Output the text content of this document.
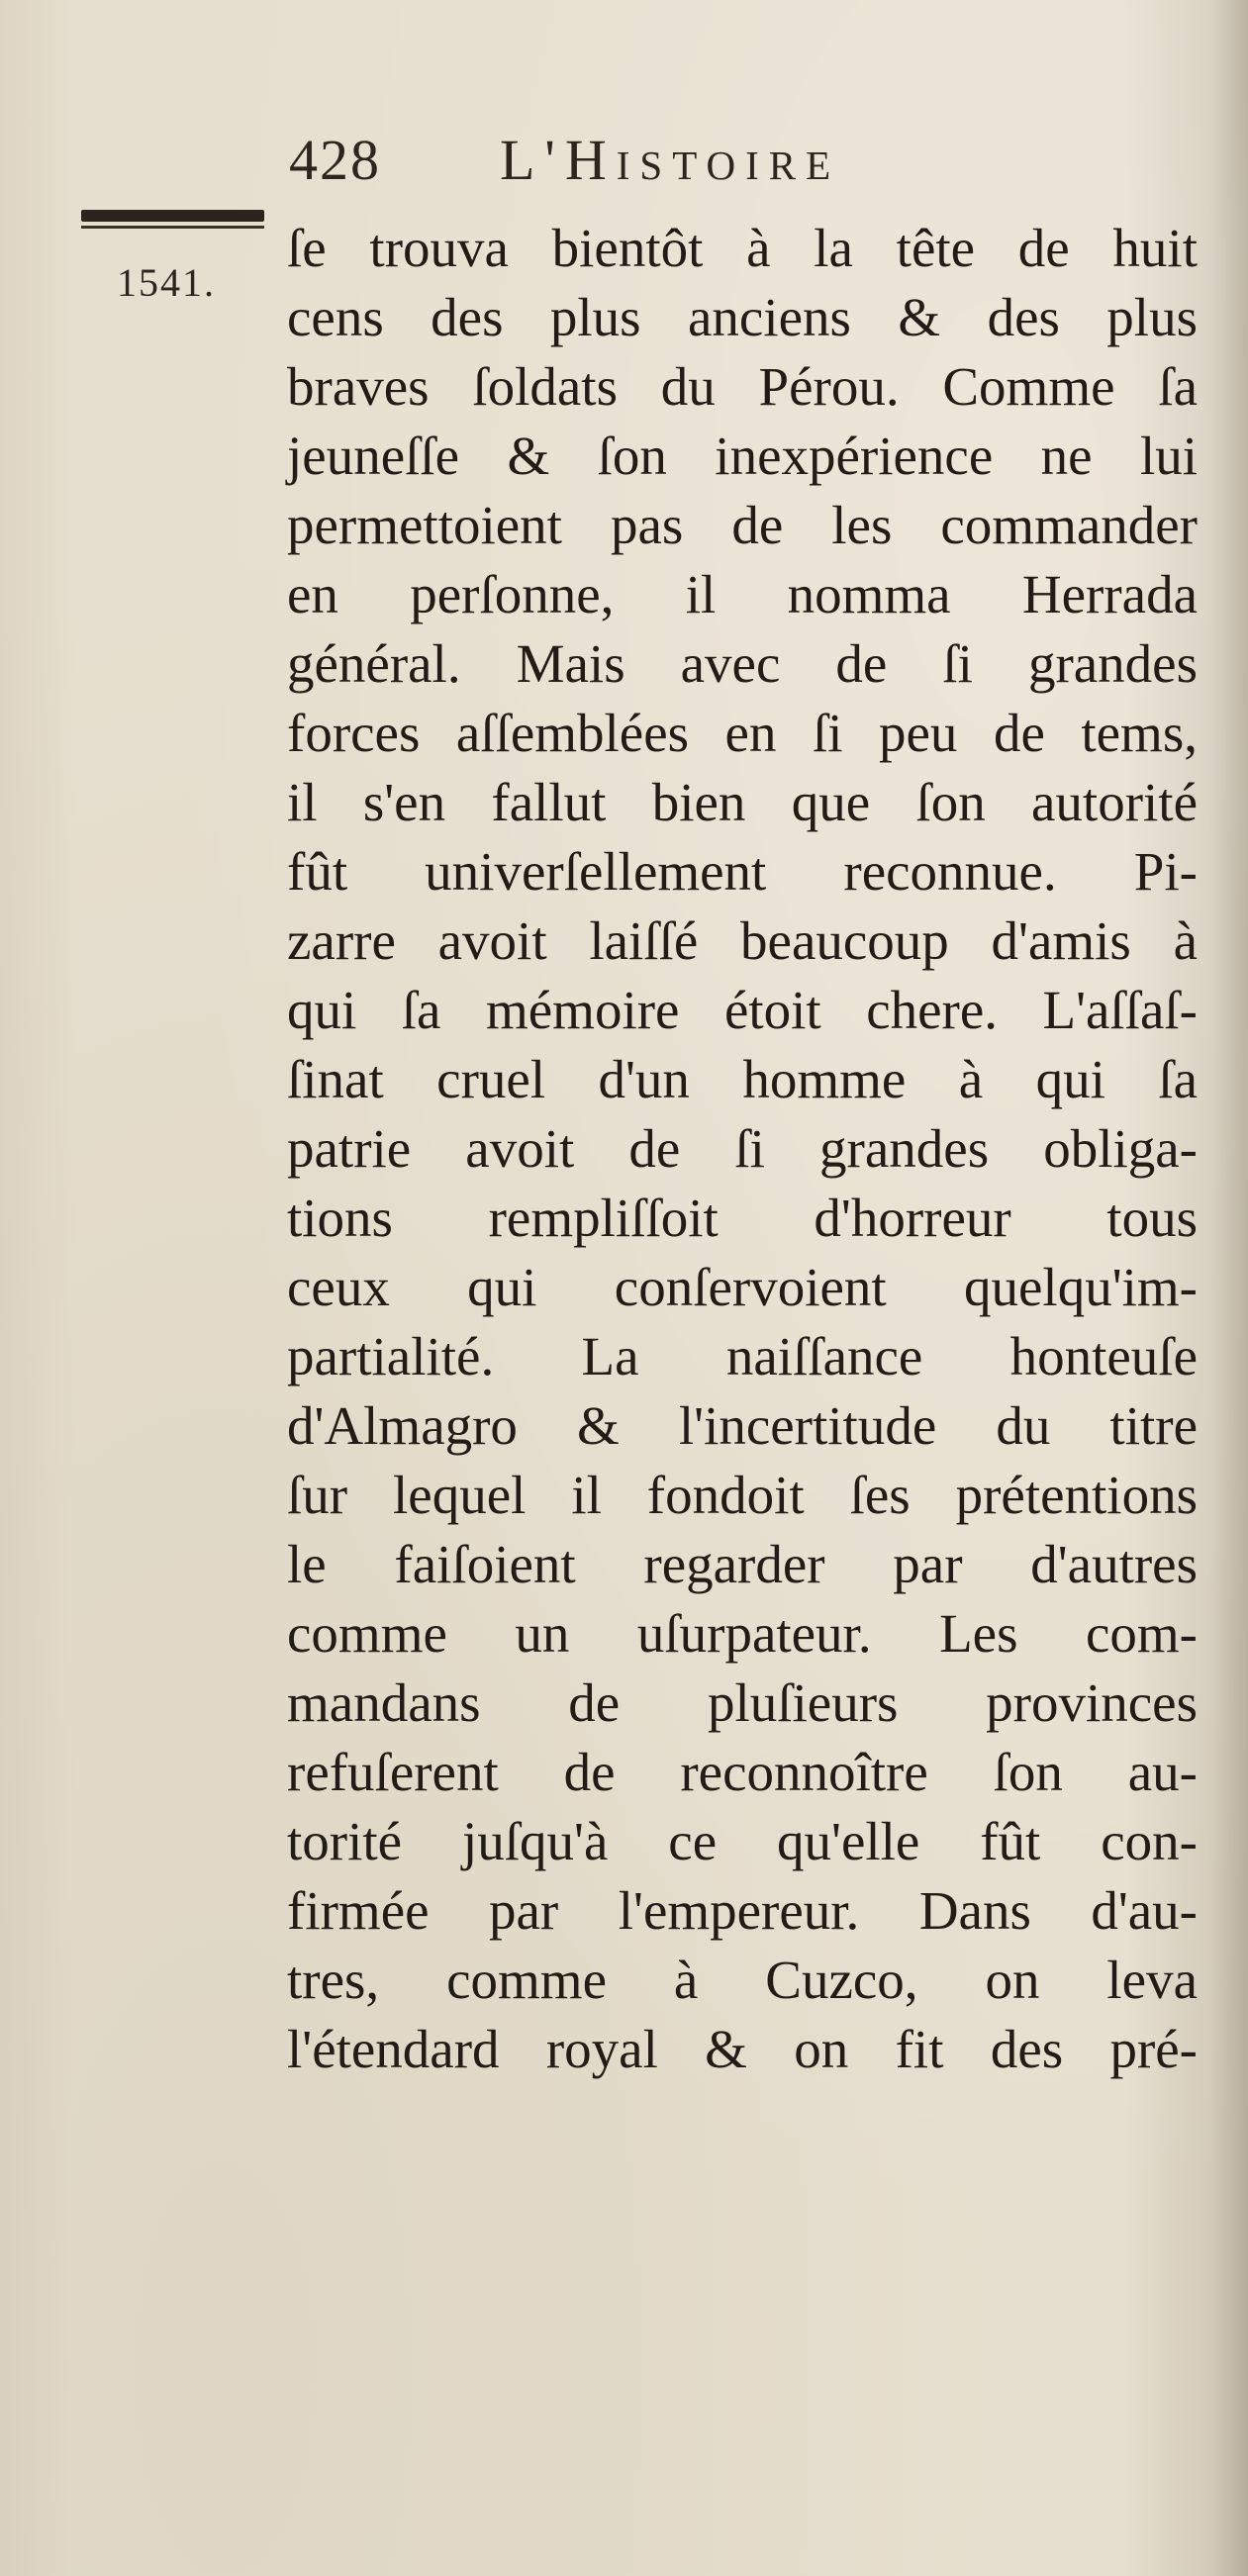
428 L'Histoire
1541.
ſe trouva bientôt à la tête de huit
cens des plus anciens & des plus
braves ſoldats du Pérou. Comme ſa
jeuneſſe & ſon inexpérience ne lui
permettoient pas de les commander
en perſonne, il nomma Herrada
général. Mais avec de ſi grandes
forces aſſemblées en ſi peu de tems,
il s'en fallut bien que ſon autorité
fût univerſellement reconnue. Pi-
zarre avoit laiſſé beaucoup d'amis à
qui ſa mémoire étoit chere. L'aſſaſ-
ſinat cruel d'un homme à qui ſa
patrie avoit de ſi grandes obliga-
tions rempliſſoit d'horreur tous
ceux qui conſervoient quelqu'im-
partialité. La naiſſance honteuſe
d'Almagro & l'incertitude du titre
ſur lequel il fondoit ſes prétentions
le faiſoient regarder par d'autres
comme un uſurpateur. Les com-
mandans de pluſieurs provinces
refuſerent de reconnoître ſon au-
torité juſqu'à ce qu'elle fût con-
firmée par l'empereur. Dans d'au-
tres, comme à Cuzco, on leva
l'étendard royal & on fit des pré-
